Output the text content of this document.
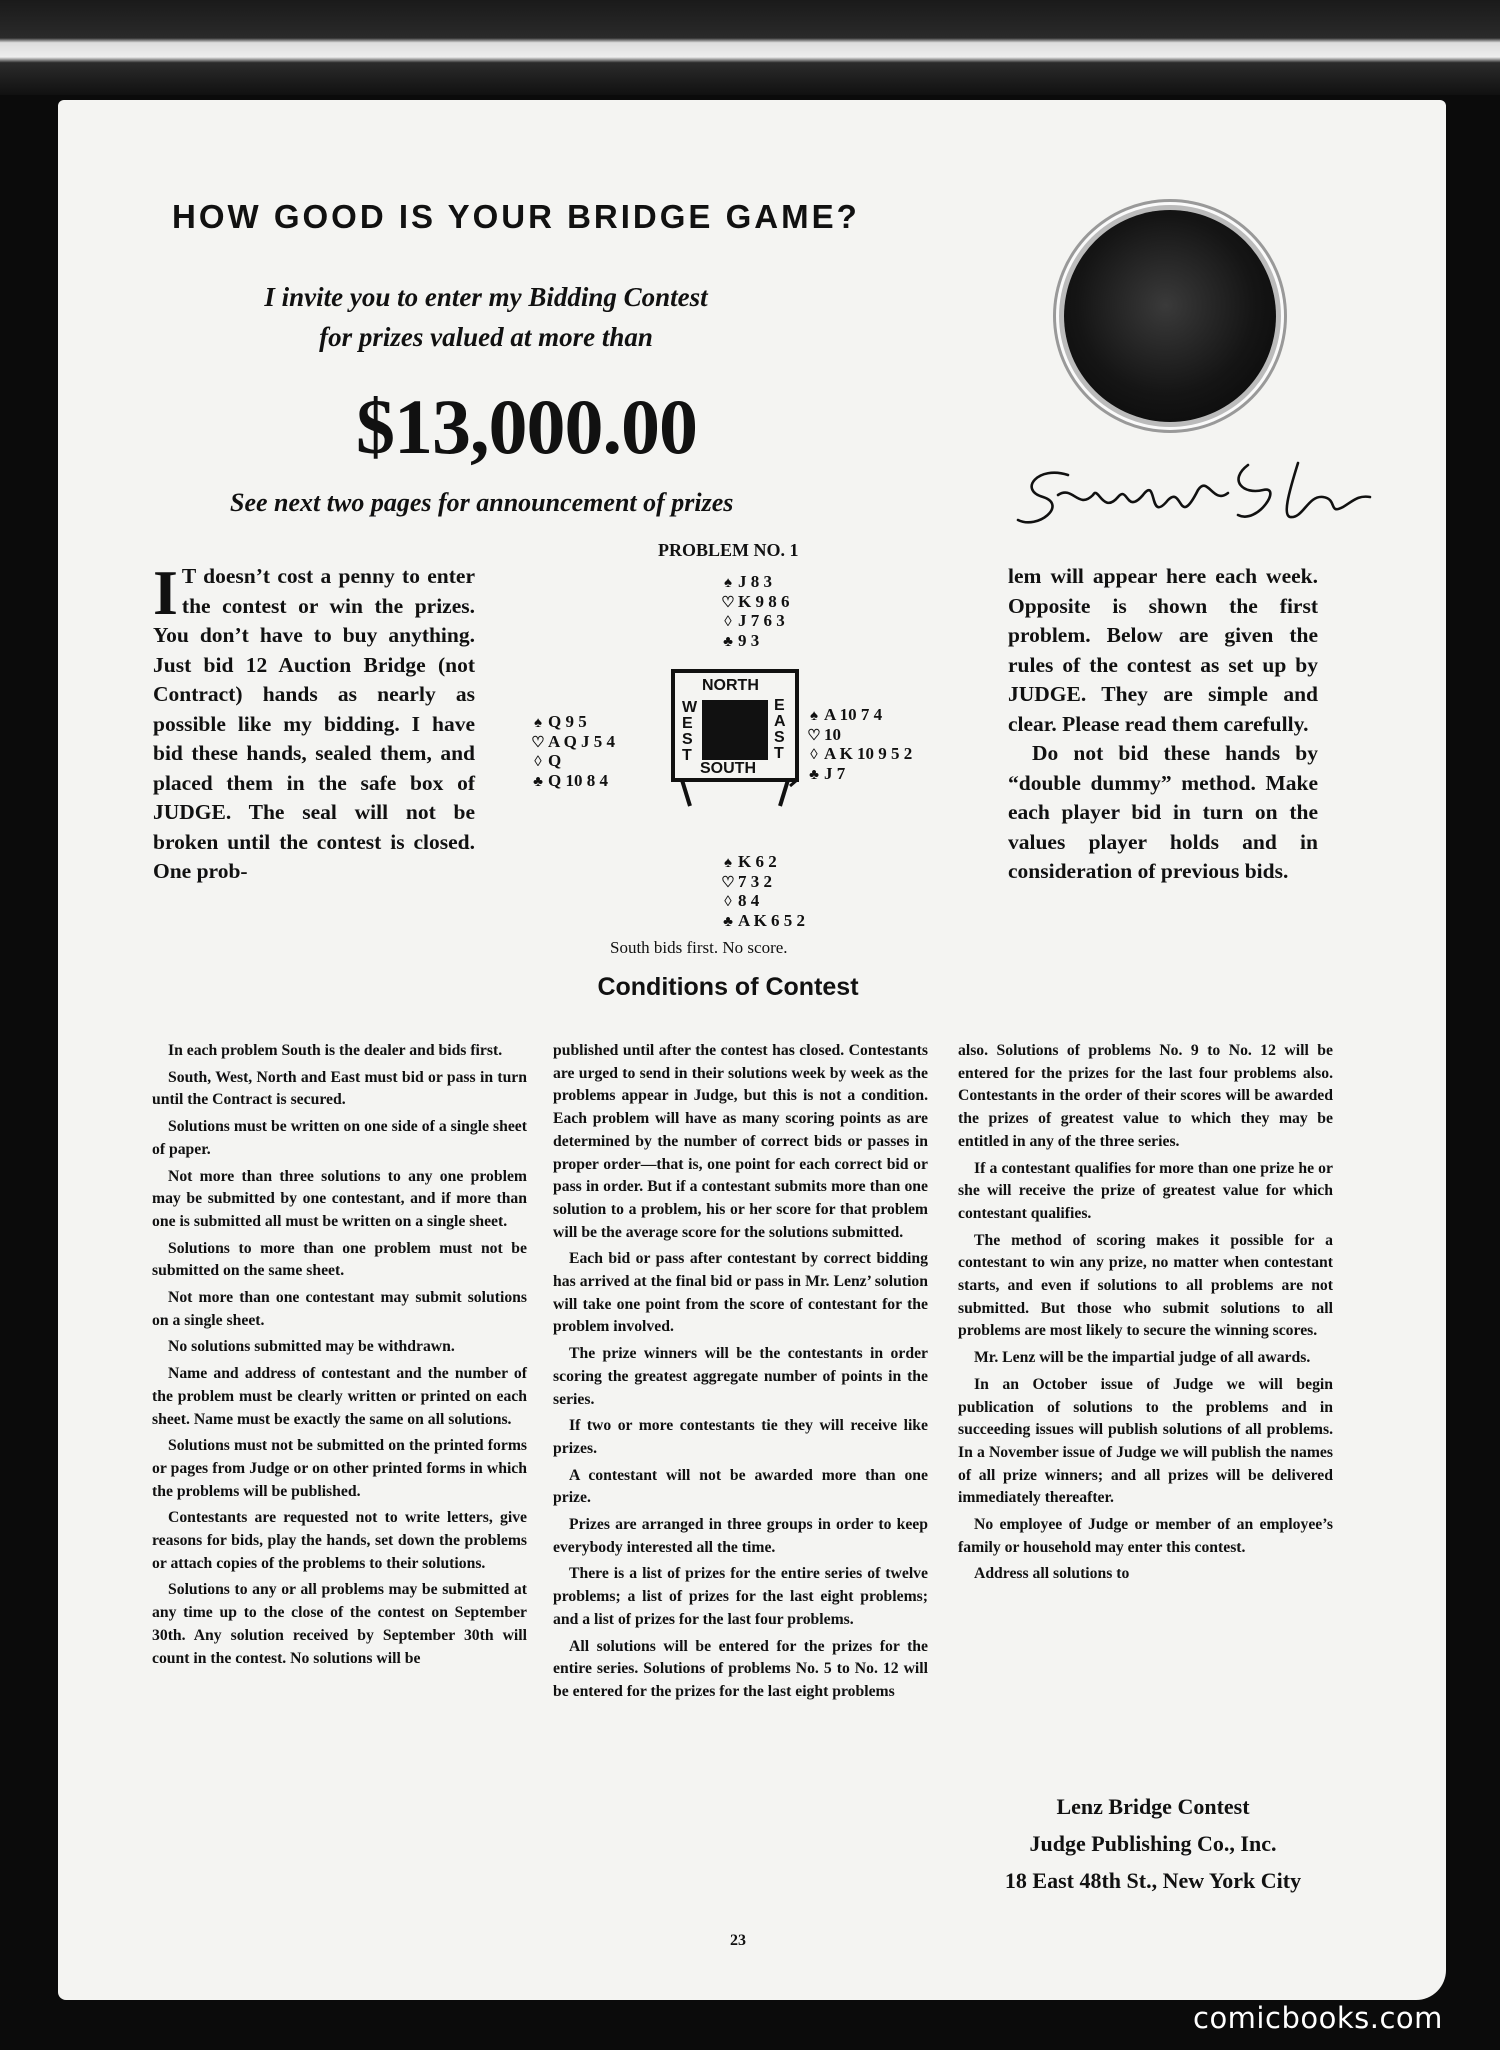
HOW GOOD IS YOUR BRIDGE GAME?
I invite you to enter my Bidding Contest
for prizes valued at more than
$13,000.00
See next two pages for announcement of prizes

I T doesn’t cost a penny to enter the contest or win the prizes. You don’t have to buy anything. Just bid 12 Auction Bridge (not Contract) hands as nearly as possible like my bidding. I have bid these hands, sealed them, and placed them in the safe box of JUDGE. The seal will not be broken until the contest is closed. One prob-

lem will appear here each week. Opposite is shown the first problem. Below are given the rules of the contest as set up by JUDGE. They are simple and clear. Please read them carefully.

Do not bid these hands by “double dummy” method. Make each player bid in turn on the values player holds and in consideration of previous bids.

PROBLEM NO. 1
♠ J 8 3
♡ K 9 8 6
◊ J 7 6 3
♣ 9 3
♠ Q 9 5
♡ A Q J 5 4
◊ Q
♣ Q 10 8 4
♠ A 10 7 4
♡ 10
◊ A K 10 9 5 2
♣ J 7
NORTH
SOUTH
WEST
EAST
♠ K 6 2
♡ 7 3 2
◊ 8 4
♣ A K 6 5 2
South bids first. No score.
Conditions of Contest

In each problem South is the dealer and bids first.

South, West, North and East must bid or pass in turn until the Contract is secured.

Solutions must be written on one side of a single sheet of paper.

Not more than three solutions to any one problem may be submitted by one contestant, and if more than one is submitted all must be written on a single sheet.

Solutions to more than one problem must not be submitted on the same sheet.

Not more than one contestant may submit solutions on a single sheet.

No solutions submitted may be withdrawn.

Name and address of contestant and the number of the problem must be clearly written or printed on each sheet. Name must be exactly the same on all solutions.

Solutions must not be submitted on the printed forms or pages from Judge or on other printed forms in which the problems will be published.

Contestants are requested not to write letters, give reasons for bids, play the hands, set down the problems or attach copies of the problems to their solutions.

Solutions to any or all problems may be submitted at any time up to the close of the contest on September 30th. Any solution received by September 30th will count in the contest. No solutions will be

published until after the contest has closed. Contestants are urged to send in their solutions week by week as the problems appear in Judge, but this is not a condition. Each problem will have as many scoring points as are determined by the number of correct bids or passes in proper order—that is, one point for each correct bid or pass in order. But if a contestant submits more than one solution to a problem, his or her score for that problem will be the average score for the solutions submitted.

Each bid or pass after contestant by correct bidding has arrived at the final bid or pass in Mr. Lenz’ solution will take one point from the score of contestant for the problem involved.

The prize winners will be the contestants in order scoring the greatest aggregate number of points in the series.

If two or more contestants tie they will receive like prizes.

A contestant will not be awarded more than one prize.

Prizes are arranged in three groups in order to keep everybody interested all the time.

There is a list of prizes for the entire series of twelve problems; a list of prizes for the last eight problems; and a list of prizes for the last four problems.

All solutions will be entered for the prizes for the entire series. Solutions of problems No. 5 to No. 12 will be entered for the prizes for the last eight problems

also. Solutions of problems No. 9 to No. 12 will be entered for the prizes for the last four problems also. Contestants in the order of their scores will be awarded the prizes of greatest value to which they may be entitled in any of the three series.

If a contestant qualifies for more than one prize he or she will receive the prize of greatest value for which contestant qualifies.

The method of scoring makes it possible for a contestant to win any prize, no matter when contestant starts, and even if solutions to all problems are not submitted. But those who submit solutions to all problems are most likely to secure the winning scores.

Mr. Lenz will be the impartial judge of all awards.

In an October issue of Judge we will begin publication of solutions to the problems and in succeeding issues will publish solutions of all problems. In a November issue of Judge we will publish the names of all prize winners; and all prizes will be delivered immediately thereafter.

No employee of Judge or member of an employee’s family or household may enter this contest.

Address all solutions to

Lenz Bridge Contest
Judge Publishing Co., Inc.
18 East 48th St., New York City
23
comicbooks.com
